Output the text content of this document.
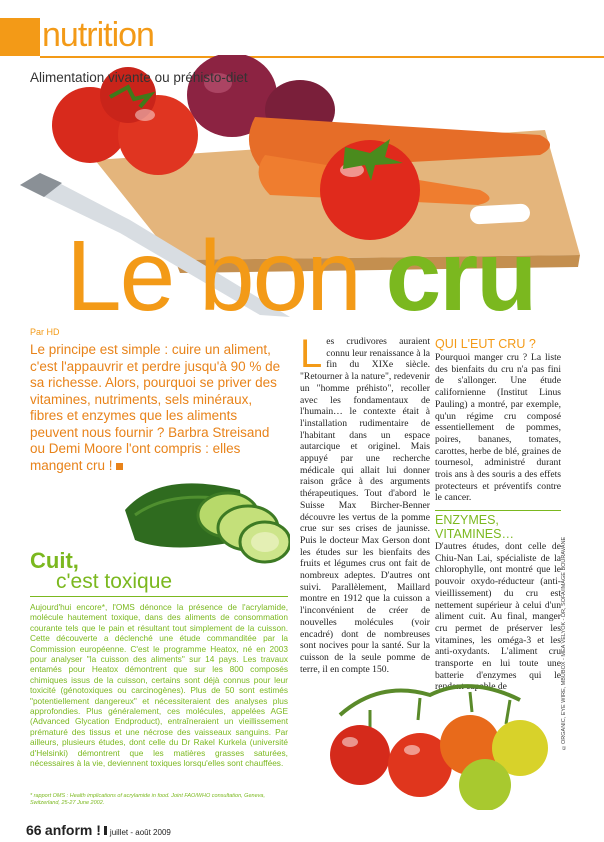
nutrition
Alimentation vivante ou préhisto-diet
Le bon cru
Par HD
Le principe est simple : cuire un aliment, c'est l'appauvrir et perdre jusqu'à 90 % de sa richesse. Alors, pourquoi se priver des vitamines, nutriments, sels minéraux, fibres et enzymes que les aliments peuvent nous fournir ? Barbra Streisand ou Demi Moore l'ont compris : elles mangent cru !
Cuit,
c'est toxique
Aujourd'hui encore*, l'OMS dénonce la présence de l'acrylamide, molécule hautement toxique, dans des aliments de consommation courante tels que le pain et résultant tout simplement de la cuisson. Cette découverte a déclenché une étude commanditée par la Commission européenne. C'est le programme Heatox, né en 2003 pour analyser "la cuisson des aliments" sur 14 pays. Les travaux entamés pour Heatox démontrent que sur les 800 composés chimiques issus de la cuisson, certains sont déjà connus pour leur toxicité (génotoxiques ou carcinogènes). Plus de 50 sont estimés "potentiellement dangereux" et nécessiteraient des analyses plus approfondies. Plus généralement, ces molécules, appelées AGE (Advanced Glycation Endproduct), entraîneraient un vieillissement prématuré des tissus et une nécrose des vaisseaux sanguins. Par ailleurs, plusieurs études, dont celle du Dr Rakel Kurkela (université d'Helsinki) démontrent que les matières grasses saturées, nécessaires à la vie, deviennent toxiques lorsqu'elles sont chauffées.
* rapport OMS : Health implications of acrylamide in food. Joint FAO/WHO consultation, Geneva, Switzerland, 25-27 June 2002.
Les crudivores auraient connu leur renaissance à la fin du XIXe siècle. "Retourner à la nature", redevenir un "homme préhisto", recoller avec les fondamentaux de l'humain… le contexte était à l'installation rudimentaire de l'habitant dans un espace autarcique et originel. Mais appuyé par une recherche médicale qui allait lui donner raison grâce à des arguments thérapeutiques. Tout d'abord le Suisse Max Bircher-Benner découvre les vertus de la pomme crue sur ses crises de jaunisse. Puis le docteur Max Gerson dont les études sur les bienfaits des fruits et légumes crus ont fait de nombreux adeptes. D'autres ont suivi. Parallèlement, Maillard montre en 1912 que la cuisson a l'inconvénient de créer de nouvelles molécules (voir encadré) dont de nombreuses sont nocives pour la santé. Sur la cuisson de la seule pomme de terre, il en compte 150.
QUI L'EUT CRU ?
Pourquoi manger cru ? La liste des bienfaits du cru n'a pas fini de s'allonger. Une étude californienne (Institut Linus Pauling) a montré, par exemple, qu'un régime cru composé essentiellement de pommes, poires, bananes, tomates, carottes, herbe de blé, graines de tournesol, administré durant trois ans à des souris a des effets protecteurs et préventifs contre le cancer.
ENZYMES, VITAMINES…
D'autres études, dont celle de Chiu-Nan Lai, spécialiste de la chlorophylle, ont montré que le pouvoir oxydo-réducteur (anti-vieillissement) du cru est nettement supérieur à celui d'un aliment cuit. Au final, manger cru permet de préserver les vitamines, les oméga-3 et les anti-oxydants. L'aliment cru transporte en lui toute une batterie d'enzymes qui le rendent capable de	©ORGANIC, EYE WIRE, MBUBOX - MEA VELYOK - DR, SOFA/IMAGE BOURAVANE
66 anform ! juillet - août 2009
